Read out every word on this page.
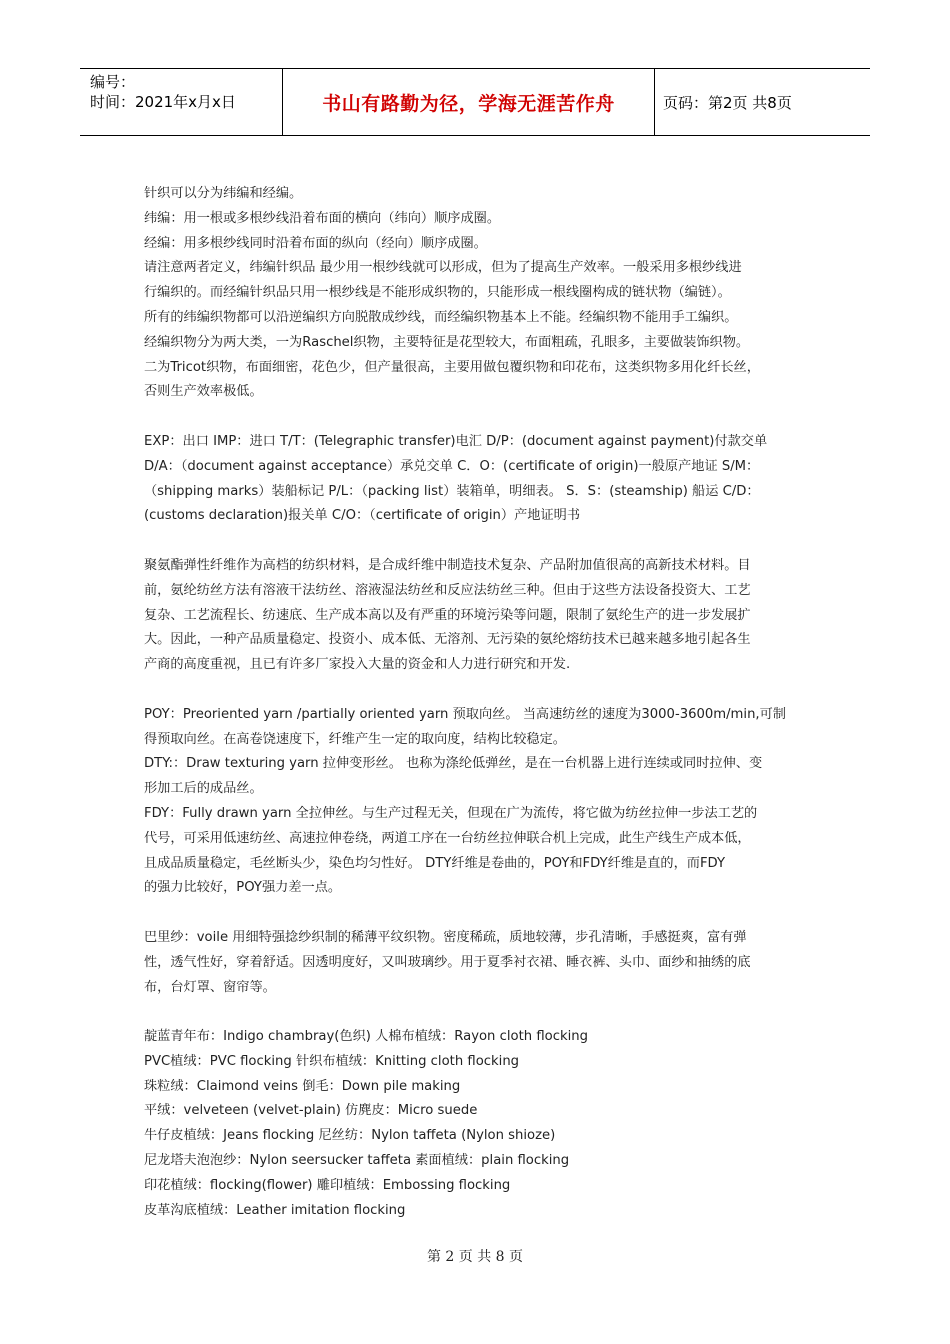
编号：
时间：2021年x月x日	书山有路勤为径，学海无涯苦作舟	页码：第2页 共8页

针织可以分为纬编和经编。

纬编：用一根或多根纱线沿着布面的横向（纬向）顺序成圈。

经编：用多根纱线同时沿着布面的纵向（经向）顺序成圈。

请注意两者定义，纬编针织品 最少用一根纱线就可以形成，但为了提高生产效率。一般采用多根纱线进

行编织的。而经编针织品只用一根纱线是不能形成织物的，只能形成一根线圈构成的链状物（编链）。

所有的纬编织物都可以沿逆编织方向脱散成纱线，而经编织物基本上不能。经编织物不能用手工编织。

经编织物分为两大类，一为Raschel织物，主要特征是花型较大，布面粗疏，孔眼多，主要做装饰织物。

二为Tricot织物，布面细密，花色少，但产量很高，主要用做包覆织物和印花布，这类织物多用化纤长丝，

否则生产效率极低。

EXP：出口 IMP：进口 T/T：(Telegraphic transfer)电汇 D/P：(document against payment)付款交单

D/A：（document against acceptance）承兑交单 C．O：(certificate of origin)一般原产地证 S/M：

（shipping marks）装船标记 P/L：（packing list）装箱单，明细表。 S．S：(steamship) 船运 C/D：

(customs declaration)报关单 C/O：（certificate of origin）产地证明书

聚氨酯弹性纤维作为高档的纺织材料，是合成纤维中制造技术复杂、产品附加值很高的高新技术材料。目

前，氨纶纺丝方法有溶液干法纺丝、溶液湿法纺丝和反应法纺丝三种。但由于这些方法设备投资大、工艺

复杂、工艺流程长、纺速底、生产成本高以及有严重的环境污染等问题，限制了氨纶生产的进一步发展扩

大。因此，一种产品质量稳定、投资小、成本低、无溶剂、无污染的氨纶熔纺技术已越来越多地引起各生

产商的高度重视，且已有许多厂家投入大量的资金和人力进行研究和开发.

POY：Preoriented yarn /partially oriented yarn 预取向丝。 当高速纺丝的速度为3000-3600m/min,可制

得预取向丝。在高卷饶速度下，纤维产生一定的取向度，结构比较稳定。

DTY:：Draw texturing yarn 拉伸变形丝。 也称为涤纶低弹丝，是在一台机器上进行连续或同时拉伸、变

形加工后的成品丝。

FDY：Fully drawn yarn 全拉伸丝。与生产过程无关，但现在广为流传，将它做为纺丝拉伸一步法工艺的

代号，可采用低速纺丝、高速拉伸卷绕，两道工序在一台纺丝拉伸联合机上完成，此生产线生产成本低，

且成品质量稳定，毛丝断头少，染色均匀性好。 DTY纤维是卷曲的，POY和FDY纤维是直的，而FDY

的强力比较好，POY强力差一点。

巴里纱：voile 用细特强捻纱织制的稀薄平纹织物。密度稀疏，质地较薄，步孔清晰，手感挺爽，富有弹

性，透气性好，穿着舒适。因透明度好，又叫玻璃纱。用于夏季衬衣裙、睡衣裤、头巾、面纱和抽绣的底

布，台灯罩、窗帘等。

靛蓝青年布：Indigo chambray(色织) 人棉布植绒：Rayon cloth flocking

PVC植绒：PVC flocking 针织布植绒：Knitting cloth flocking

珠粒绒：Claimond veins 倒毛：Down pile making

平绒：velveteen (velvet-plain) 仿麂皮：Micro suede

牛仔皮植绒：Jeans flocking 尼丝纺：Nylon taffeta (Nylon shioze)

尼龙塔夫泡泡纱：Nylon seersucker taffeta 素面植绒：plain flocking

印花植绒：flocking(flower) 雕印植绒：Embossing flocking

皮革沟底植绒：Leather imitation flocking

第 2 页 共 8 页
